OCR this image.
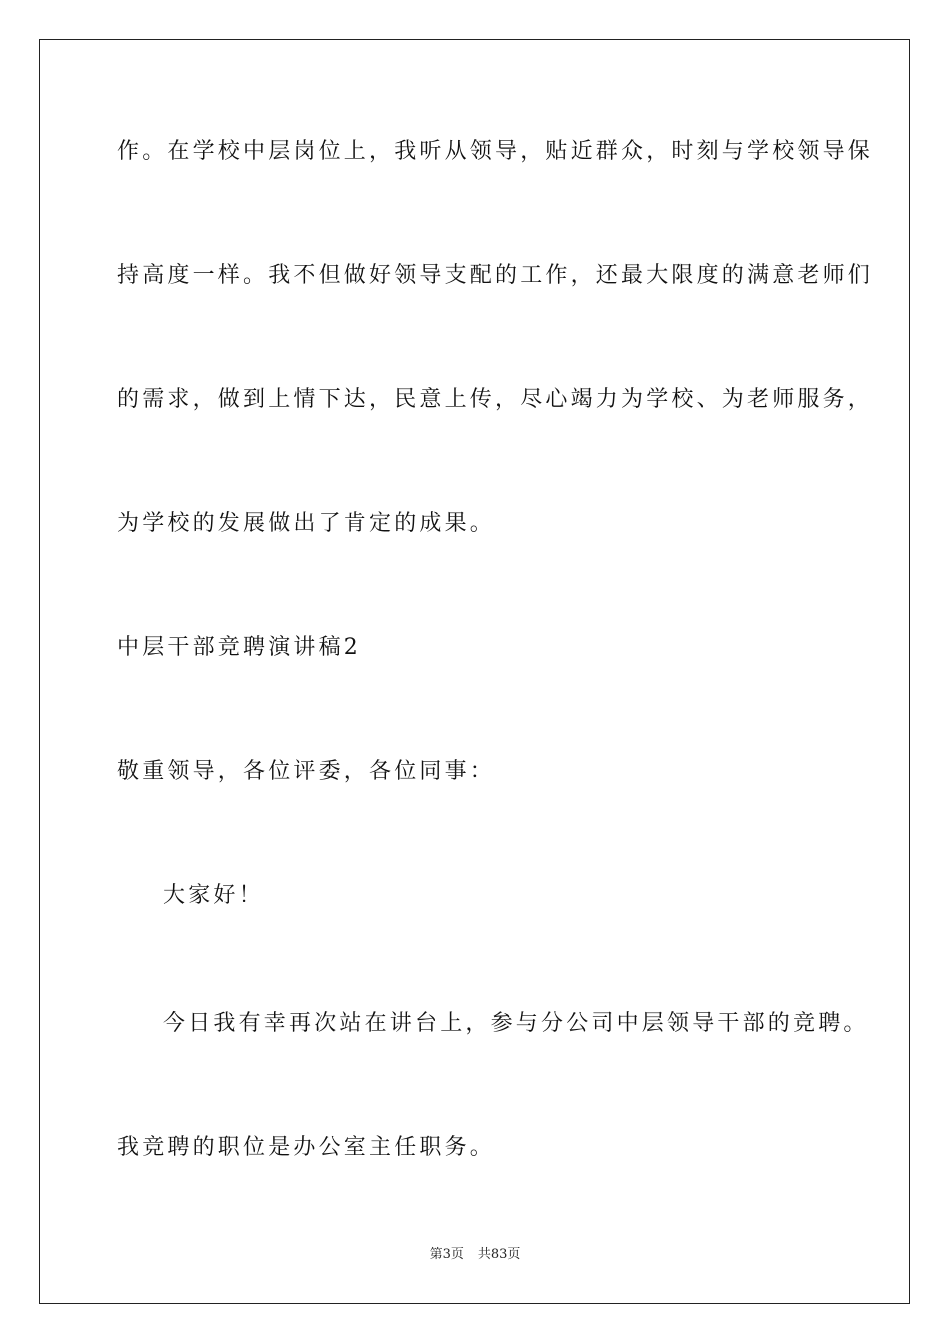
作。在学校中层岗位上，我听从领导，贴近群众，时刻与学校领导保
持高度一样。我不但做好领导支配的工作，还最大限度的满意老师们
的需求，做到上情下达，民意上传，尽心竭力为学校、为老师服务，
为学校的发展做出了肯定的成果。
中层干部竞聘演讲稿2
敬重领导，各位评委，各位同事：
大家好！
今日我有幸再次站在讲台上，参与分公司中层领导干部的竞聘。
我竞聘的职位是办公室主任职务。
第3页 共83页
